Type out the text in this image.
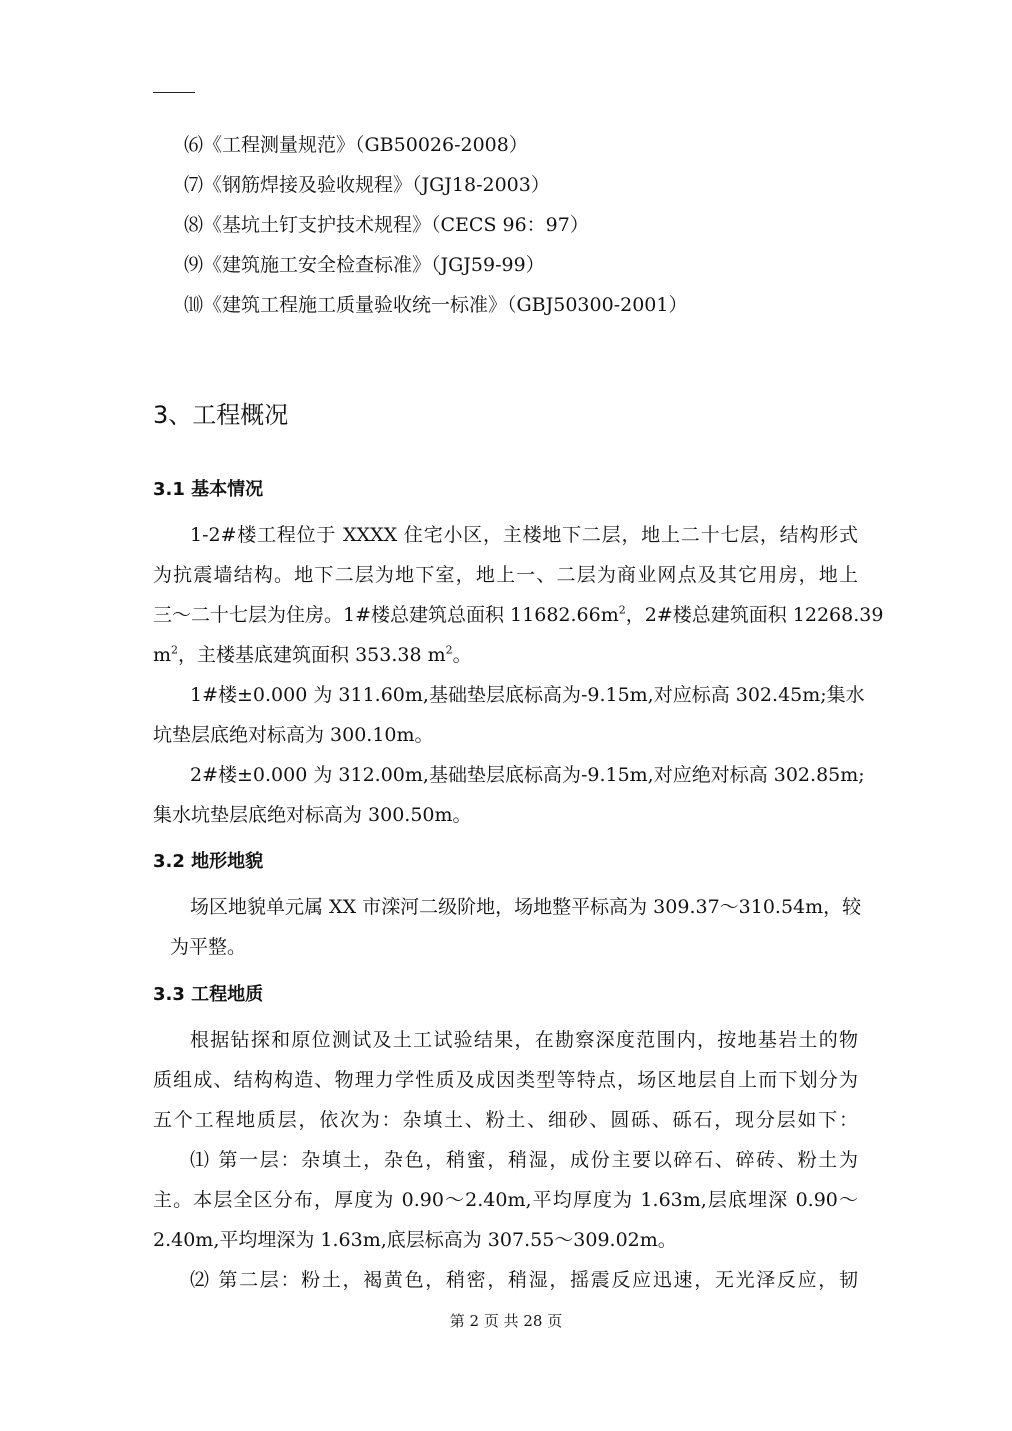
⑹《工程测量规范》（GB50026-2008）
⑺《钢筋焊接及验收规程》（JGJ18-2003）
⑻《基坑土钉支护技术规程》（CECS 96：97）
⑼《建筑施工安全检查标准》（JGJ59-99）
⑽《建筑工程施工质量验收统一标准》（GBJ50300-2001）
3、工程概况
3.1 基本情况
1-2#楼工程位于 XXXX 住宅小区，主楼地下二层，地上二十七层，结构形式
为抗震墙结构。地下二层为地下室，地上一、二层为商业网点及其它用房，地上
三～二十七层为住房。1#楼总建筑总面积 $11682.66m^2$，2#楼总建筑面积 12268.39
$m^2$，主楼基底建筑面积 353.38 $m^2$。
1#楼±0.000 为 311.60m,基础垫层底标高为-9.15m,对应标高 302.45m;集水
坑垫层底绝对标高为 300.10m。
2#楼±0.000 为 312.00m,基础垫层底标高为-9.15m,对应绝对标高 302.85m;
集水坑垫层底绝对标高为 300.50m。
3.2 地形地貌
场区地貌单元属 XX 市滦河二级阶地，场地整平标高为 309.37～310.54m，较
为平整。
3.3 工程地质
根据钻探和原位测试及土工试验结果，在勘察深度范围内，按地基岩土的物
质组成、结构构造、物理力学性质及成因类型等特点，场区地层自上而下划分为
五个工程地质层，依次为：杂填土、粉土、细砂、圆砾、砾石，现分层如下：
⑴ 第一层：杂填土，杂色，稍蜜，稍湿，成份主要以碎石、碎砖、粉土为
主。本层全区分布，厚度为 0.90～2.40m,平均厚度为 1.63m,层底埋深 0.90～
2.40m,平均埋深为 1.63m,底层标高为 307.55～309.02m。
⑵ 第二层：粉土，褐黄色，稍密，稍湿，摇震反应迅速，无光泽反应，韧
第 2 页 共 28 页
